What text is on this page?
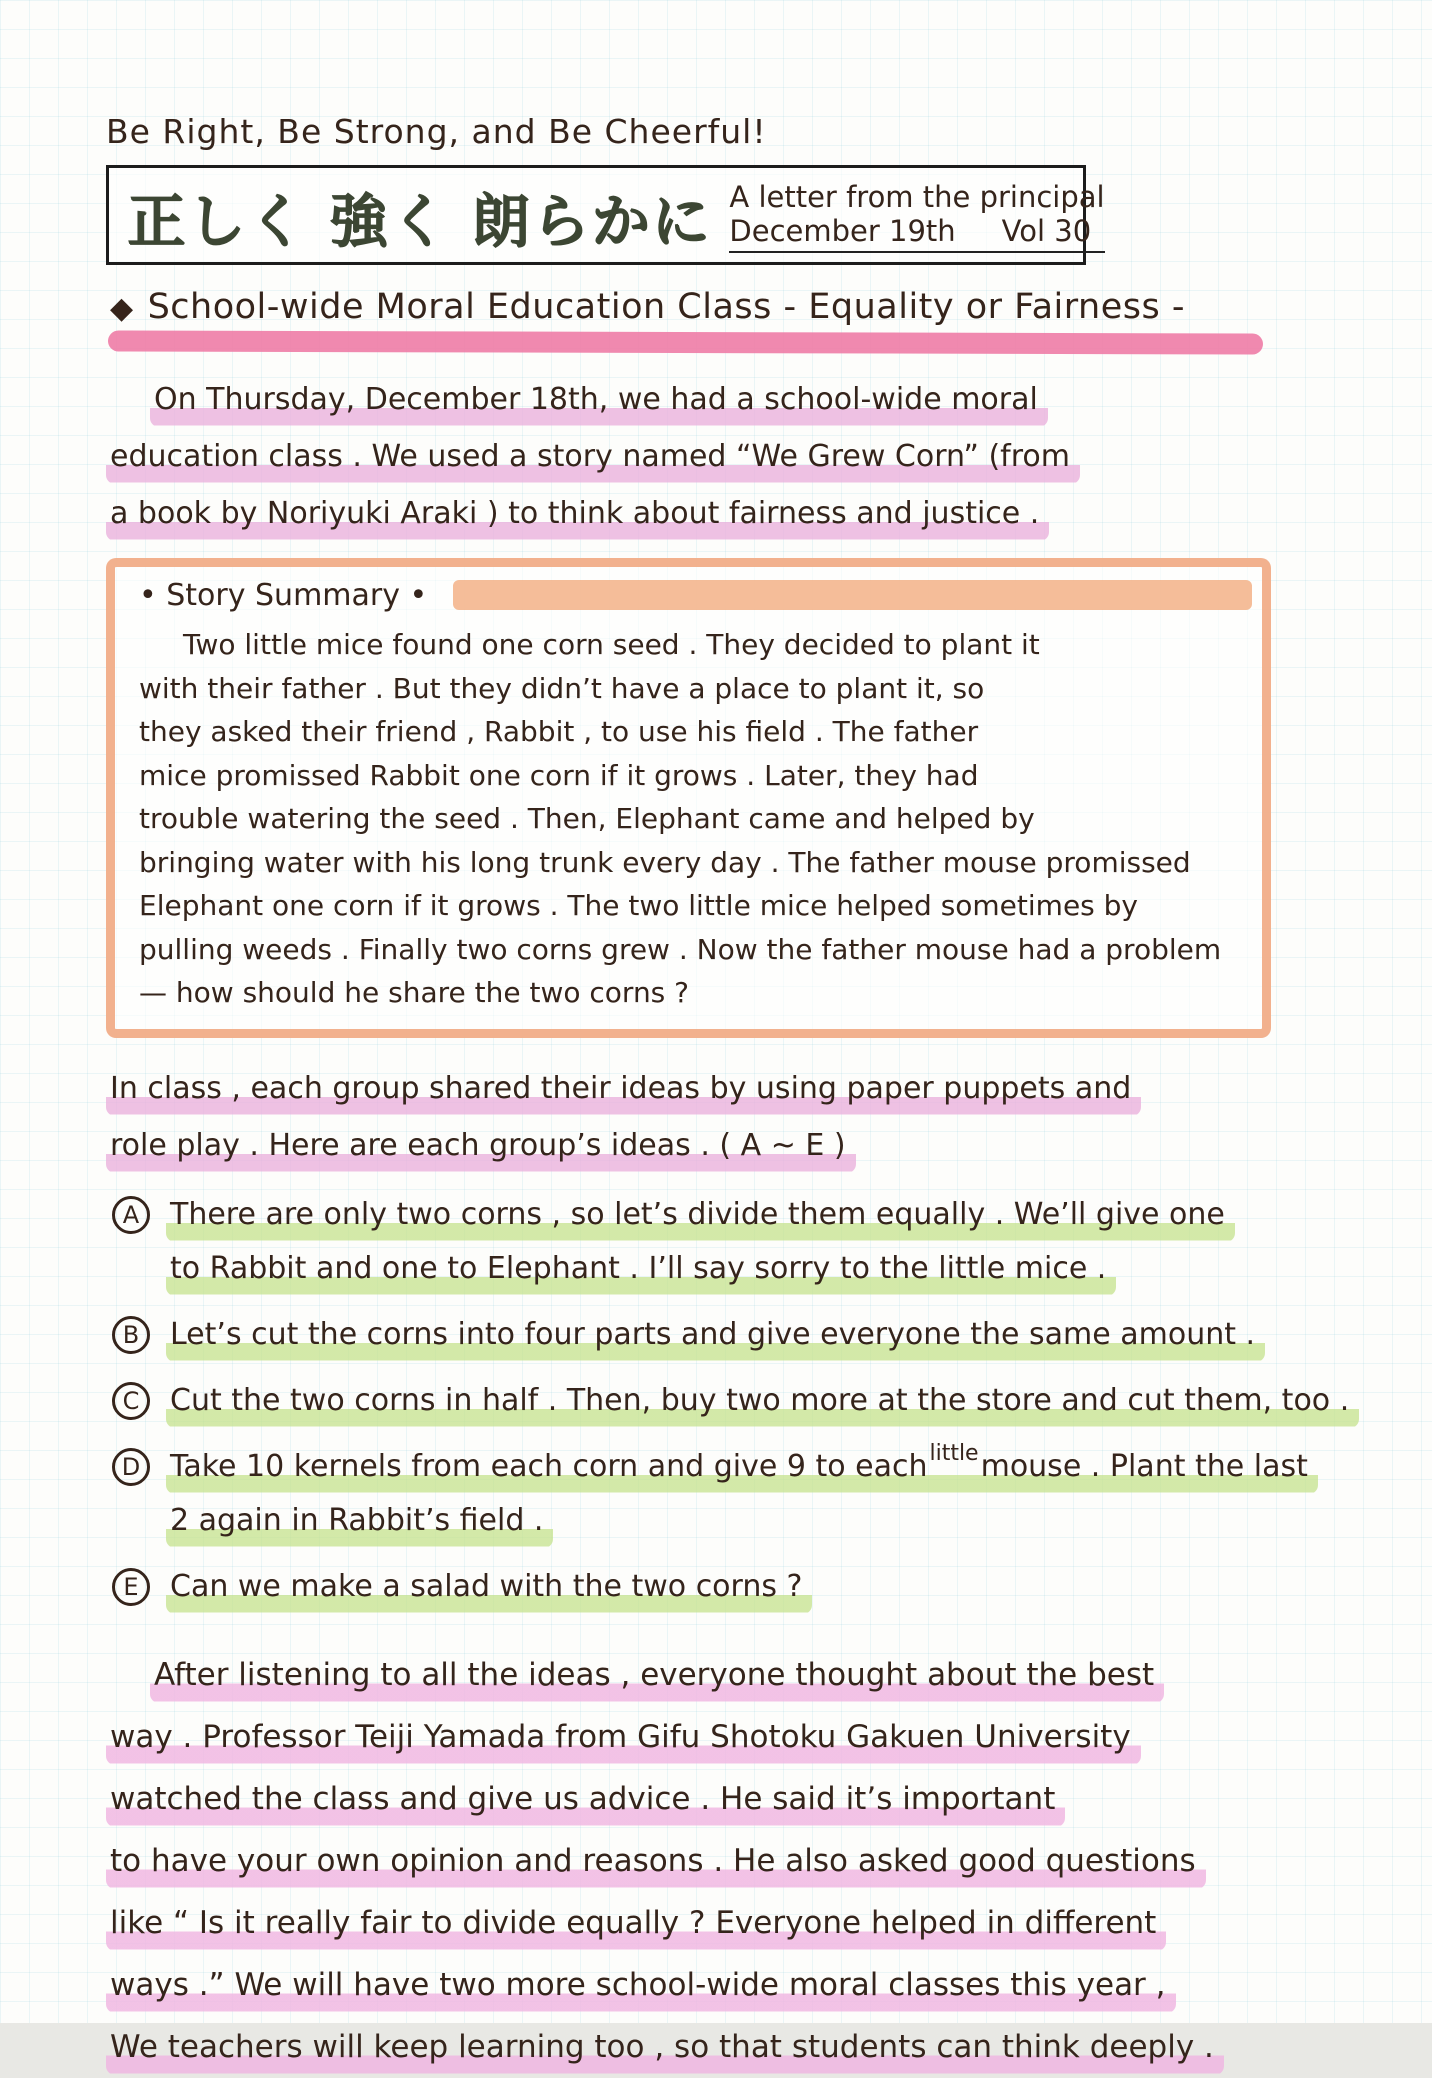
Be Right, Be Strong, and Be Cheerful!
正しく 強く 朗らかに A letter from the principal
December 19th Vol 30
◆ School-wide Moral Education Class - Equality or Fairness -
On Thursday, December 18th, we had a school-wide moral
education class . We used a story named “We Grew Corn” (from
a book by Noriyuki Araki ) to think about fairness and justice .
• Story Summary •
Two little mice found one corn seed . They decided to plant it
with their father . But they didn’t have a place to plant it, so
they asked their friend , Rabbit , to use his field . The father
mice promissed Rabbit one corn if it grows . Later, they had
trouble watering the seed . Then, Elephant came and helped by
bringing water with his long trunk every day . The father mouse promissed
Elephant one corn if it grows . The two little mice helped sometimes by
pulling weeds . Finally two corns grew . Now the father mouse had a problem
— how should he share the two corns ?
In class , each group shared their ideas by using paper puppets and
role play . Here are each group’s ideas . ( A ~ E )
A	There are only two corns , so let’s divide them equally . We’ll give one
to Rabbit and one to Elephant . I’ll say sorry to the little mice .
B	Let’s cut the corns into four parts and give everyone the same amount .
C	Cut the two corns in half . Then, buy two more at the store and cut them, too .
D Take 10 kernels from each corn and give 9 to eachlittlemouse . Plant the last
2 again in Rabbit’s field .
E	Can we make a salad with the two corns ?
After listening to all the ideas , everyone thought about the best
way . Professor Teiji Yamada from Gifu Shotoku Gakuen University
watched the class and give us advice . He said it’s important
to have your own opinion and reasons . He also asked good questions
like “ Is it really fair to divide equally ? Everyone helped in different
ways .” We will have two more school-wide moral classes this year ,
We teachers will keep learning too , so that students can think deeply .
